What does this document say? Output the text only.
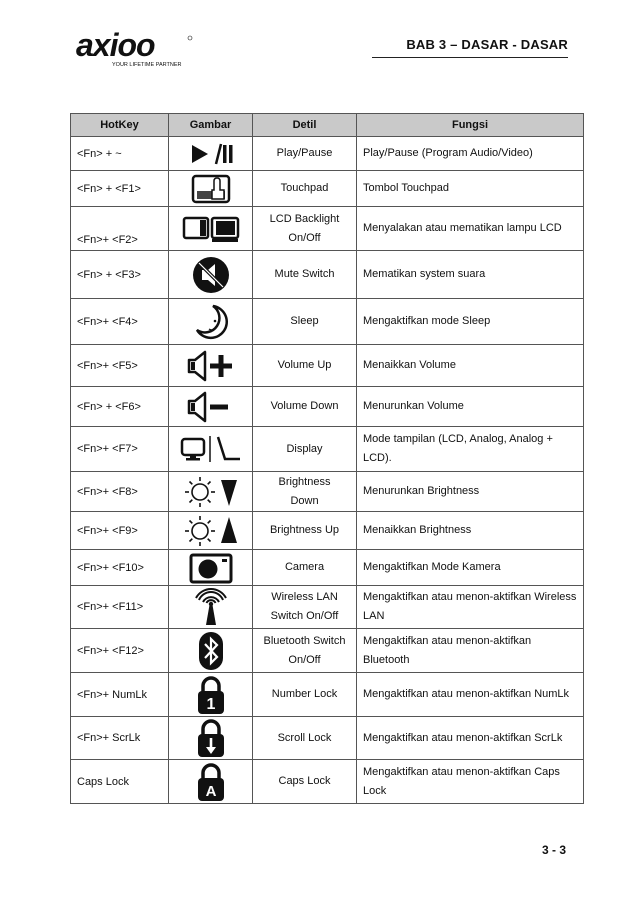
axioo
YOUR LIFETIME PARTNER
BAB 3 – DASAR - DASAR
HotKey	Gambar	Detil	Fungsi
<Fn> + ~		Play/Pause	Play/Pause (Program Audio/Video)
<Fn> + <F1>		Touchpad	Tombol Touchpad
<Fn>+ <F2>		LCD Backlight On/Off	Menyalakan atau mematikan lampu LCD
<Fn> + <F3>		Mute Switch	Mematikan system suara
<Fn>+ <F4>		Sleep	Mengaktifkan mode Sleep
<Fn>+ <F5>		Volume Up	Menaikkan Volume
<Fn> + <F6>		Volume Down	Menurunkan Volume
<Fn>+ <F7>		Display	Mode tampilan (LCD, Analog, Analog + LCD).
<Fn>+ <F8>		Brightness Down	Menurunkan Brightness
<Fn>+ <F9>		Brightness Up	Menaikkan Brightness
<Fn>+ <F10>		Camera	Mengaktifkan Mode Kamera
<Fn>+ <F11>		Wireless LAN Switch On/Off	Mengaktifkan atau menon-aktifkan Wireless LAN
<Fn>+ <F12>		Bluetooth Switch On/Off	Mengaktifkan atau menon-aktifkan Bluetooth
<Fn>+ NumLk	1	Number Lock	Mengaktifkan atau menon-aktifkan NumLk
<Fn>+ ScrLk		Scroll Lock	Mengaktifkan atau menon-aktifkan ScrLk
Caps Lock	A	Caps Lock	Mengaktifkan atau menon-aktifkan Caps Lock
3 - 3
